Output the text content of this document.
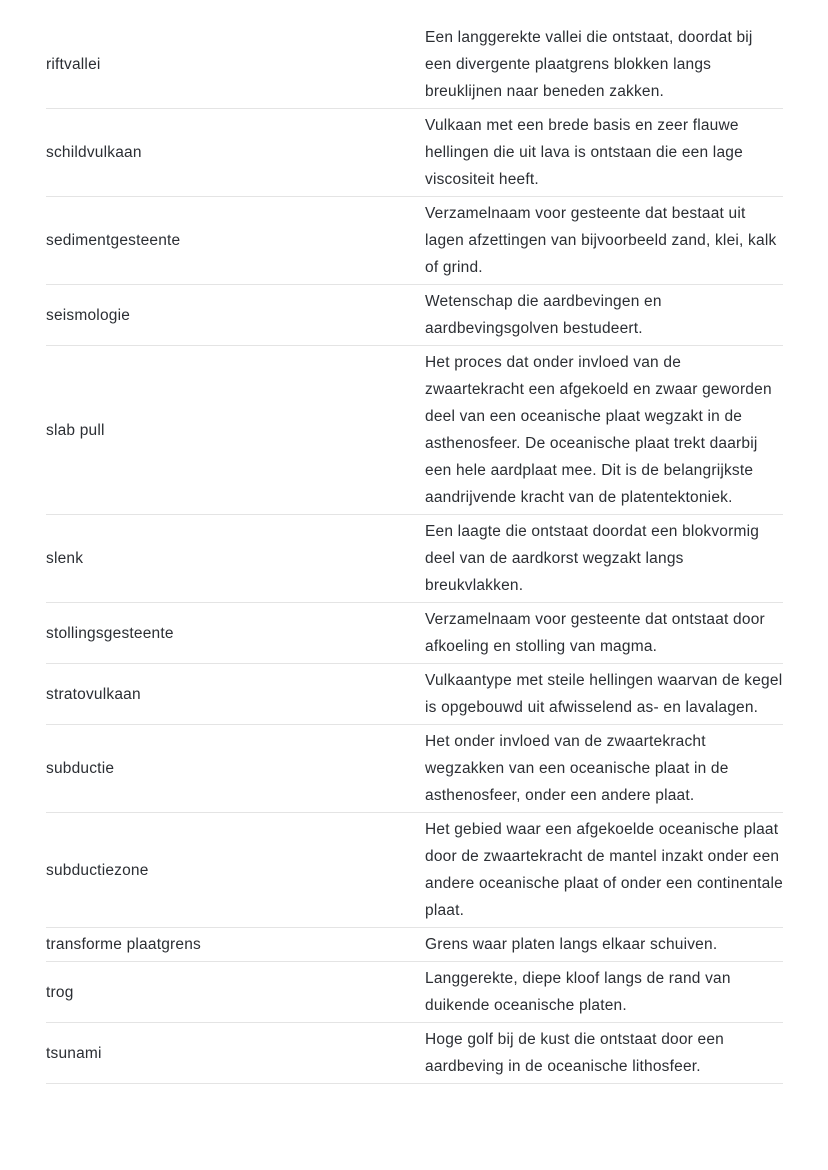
riftvallei
Een langgerekte vallei die ontstaat, doordat bij een divergente plaatgrens blokken langs breuklijnen naar beneden zakken.
schildvulkaan
Vulkaan met een brede basis en zeer flauwe hellingen die uit lava is ontstaan die een lage viscositeit heeft.
sedimentgesteente
Verzamelnaam voor gesteente dat bestaat uit lagen afzettingen van bijvoorbeeld zand, klei, kalk of grind.
seismologie
Wetenschap die aardbevingen en aardbevingsgolven bestudeert.
slab pull
Het proces dat onder invloed van de zwaartekracht een afgekoeld en zwaar geworden deel van een oceanische plaat wegzakt in de asthenosfeer. De oceanische plaat trekt daarbij een hele aardplaat mee. Dit is de belangrijkste aandrijvende kracht van de platentektoniek.
slenk
Een laagte die ontstaat doordat een blokvormig deel van de aardkorst wegzakt langs breukvlakken.
stollingsgesteente
Verzamelnaam voor gesteente dat ontstaat door afkoeling en stolling van magma.
stratovulkaan
Vulkaantype met steile hellingen waarvan de kegel is opgebouwd uit afwisselend as- en lavalagen.
subductie
Het onder invloed van de zwaartekracht wegzakken van een oceanische plaat in de asthenosfeer, onder een andere plaat.
subductiezone
Het gebied waar een afgekoelde oceanische plaat door de zwaartekracht de mantel inzakt onder een andere oceanische plaat of onder een continentale plaat.
transforme plaatgrens	Grens waar platen langs elkaar schuiven.
trog
Langgerekte, diepe kloof langs de rand van duikende oceanische platen.
tsunami
Hoge golf bij de kust die ontstaat door een aardbeving in de oceanische lithosfeer.
